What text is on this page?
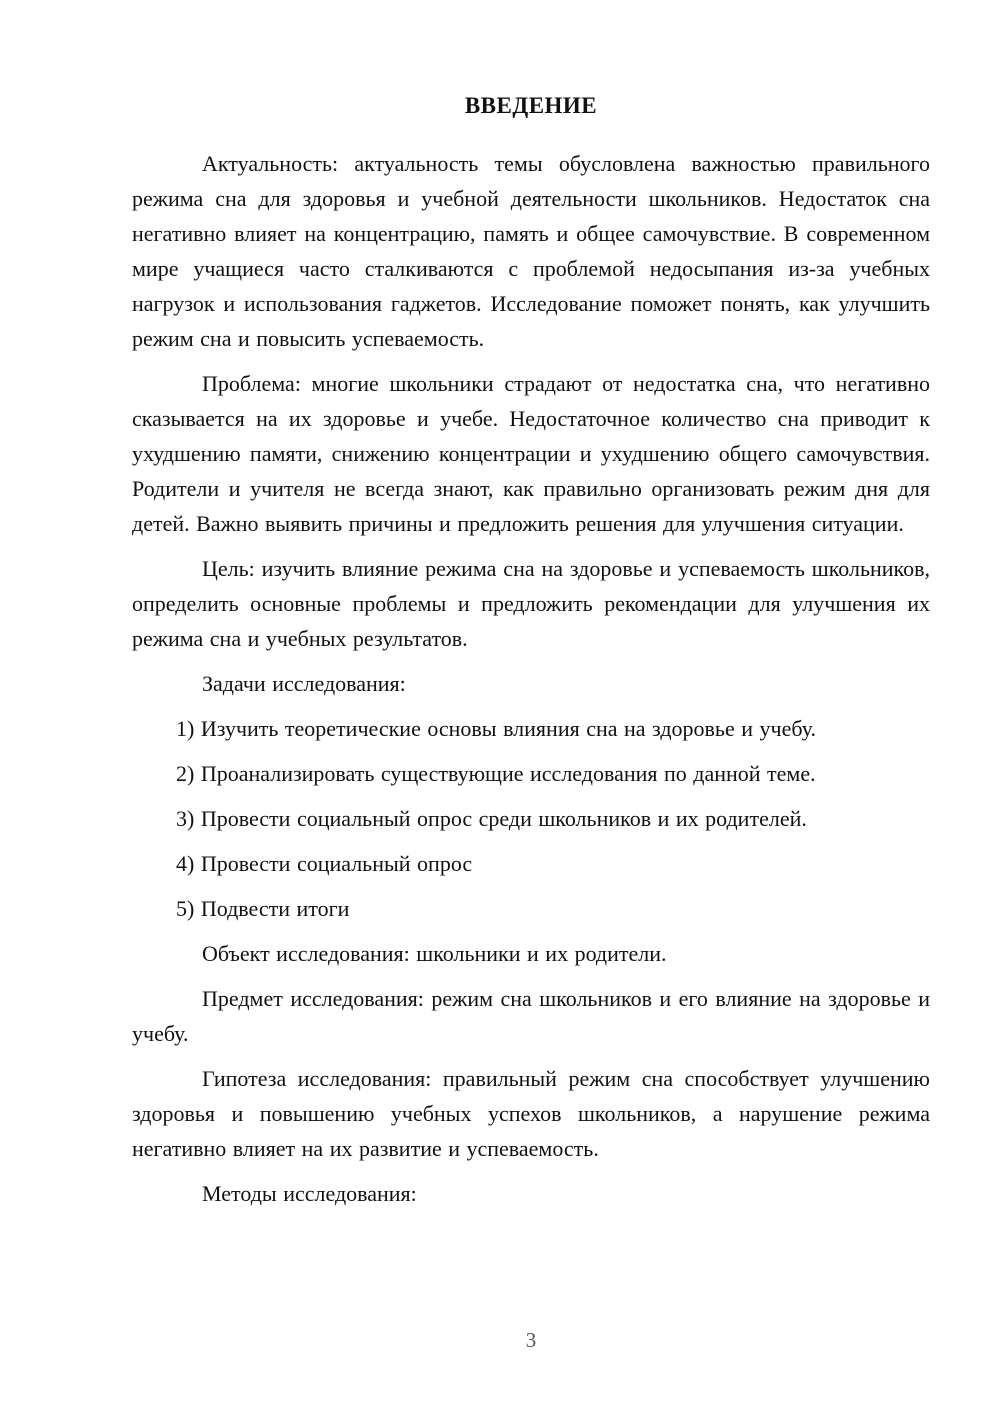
ВВЕДЕНИЕ

Актуальность: актуальность темы обусловлена важностью правильного режима сна для здоровья и учебной деятельности школьников. Недостаток сна негативно влияет на концентрацию, память и общее самочувствие. В современном мире учащиеся часто сталкиваются с проблемой недосыпания из-за учебных нагрузок и использования гаджетов. Исследование поможет понять, как улучшить режим сна и повысить успеваемость.

Проблема: многие школьники страдают от недостатка сна, что негативно сказывается на их здоровье и учебе. Недостаточное количество сна приводит к ухудшению памяти, снижению концентрации и ухудшению общего самочувствия. Родители и учителя не всегда знают, как правильно организовать режим дня для детей. Важно выявить причины и предложить решения для улучшения ситуации.

Цель: изучить влияние режима сна на здоровье и успеваемость школьников, определить основные проблемы и предложить рекомендации для улучшения их режима сна и учебных результатов.

Задачи исследования:

1) Изучить теоретические основы влияния сна на здоровье и учебу.

2) Проанализировать существующие исследования по данной теме.

3) Провести социальный опрос среди школьников и их родителей.

4) Провести социальный опрос

5) Подвести итоги

Объект исследования: школьники и их родители.

Предмет исследования: режим сна школьников и его влияние на здоровье и учебу.

Гипотеза исследования: правильный режим сна способствует улучшению здоровья и повышению учебных успехов школьников, а нарушение режима негативно влияет на их развитие и успеваемость.

Методы исследования:

3
